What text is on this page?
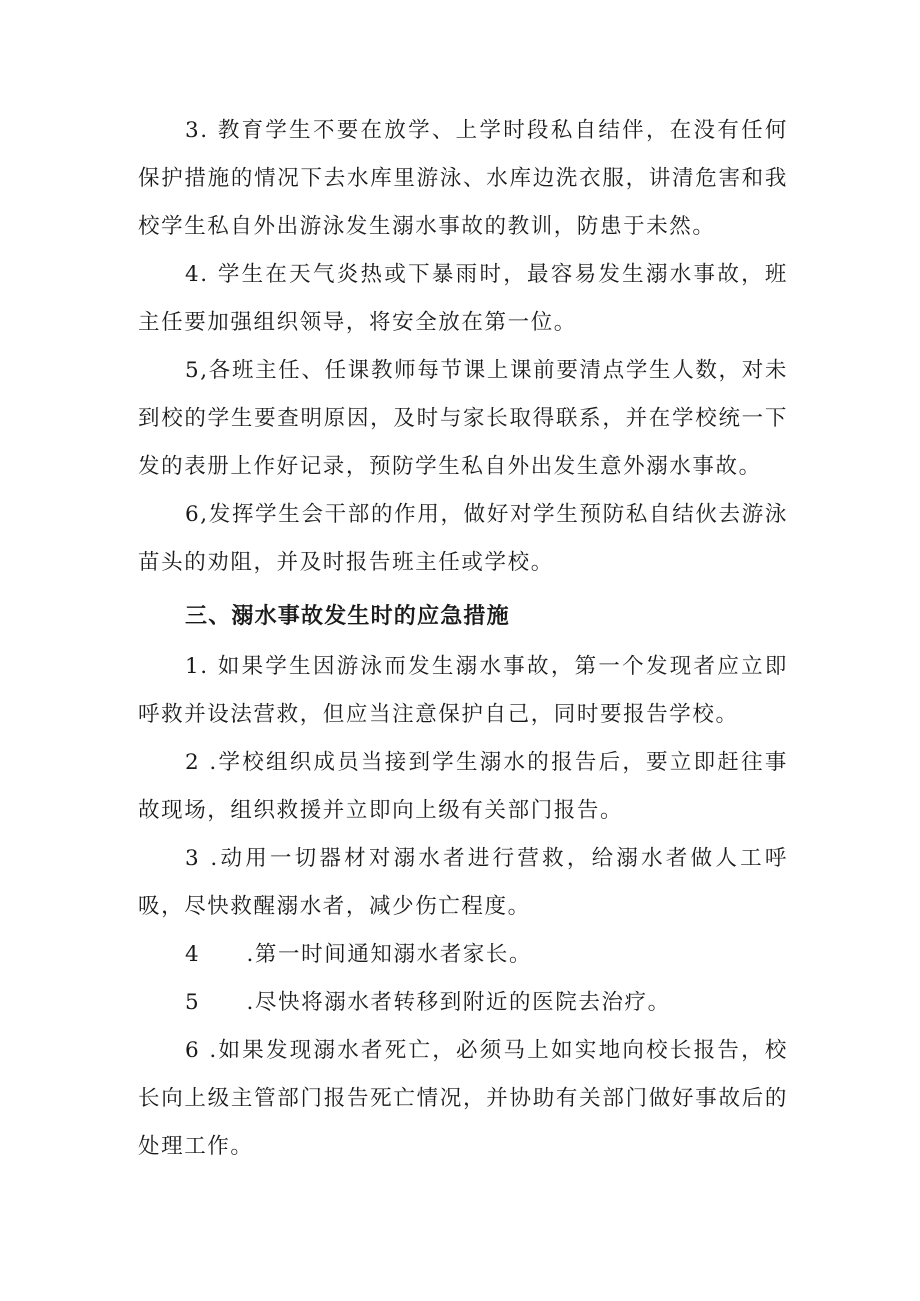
3. 教育学生不要在放学、上学时段私自结伴，在没有任何保护措施的情况下去水库里游泳、水库边洗衣服，讲清危害和我校学生私自外出游泳发生溺水事故的教训，防患于未然。

4. 学生在天气炎热或下暴雨时，最容易发生溺水事故，班主任要加强组织领导，将安全放在第一位。

5,各班主任、任课教师每节课上课前要清点学生人数，对未到校的学生要查明原因，及时与家长取得联系，并在学校统一下发的表册上作好记录，预防学生私自外出发生意外溺水事故。

6,发挥学生会干部的作用，做好对学生预防私自结伙去游泳苗头的劝阻，并及时报告班主任或学校。

三、溺水事故发生时的应急措施

1. 如果学生因游泳而发生溺水事故，第一个发现者应立即呼救并设法营救，但应当注意保护自己，同时要报告学校。

2 .学校组织成员当接到学生溺水的报告后，要立即赶往事故现场，组织救援并立即向上级有关部门报告。

3 .动用一切器材对溺水者进行营救，给溺水者做人工呼吸，尽快救醒溺水者，减少伤亡程度。

4　　.第一时间通知溺水者家长。

5　　.尽快将溺水者转移到附近的医院去治疗。

6 .如果发现溺水者死亡，必须马上如实地向校长报告，校长向上级主管部门报告死亡情况，并协助有关部门做好事故后的处理工作。
